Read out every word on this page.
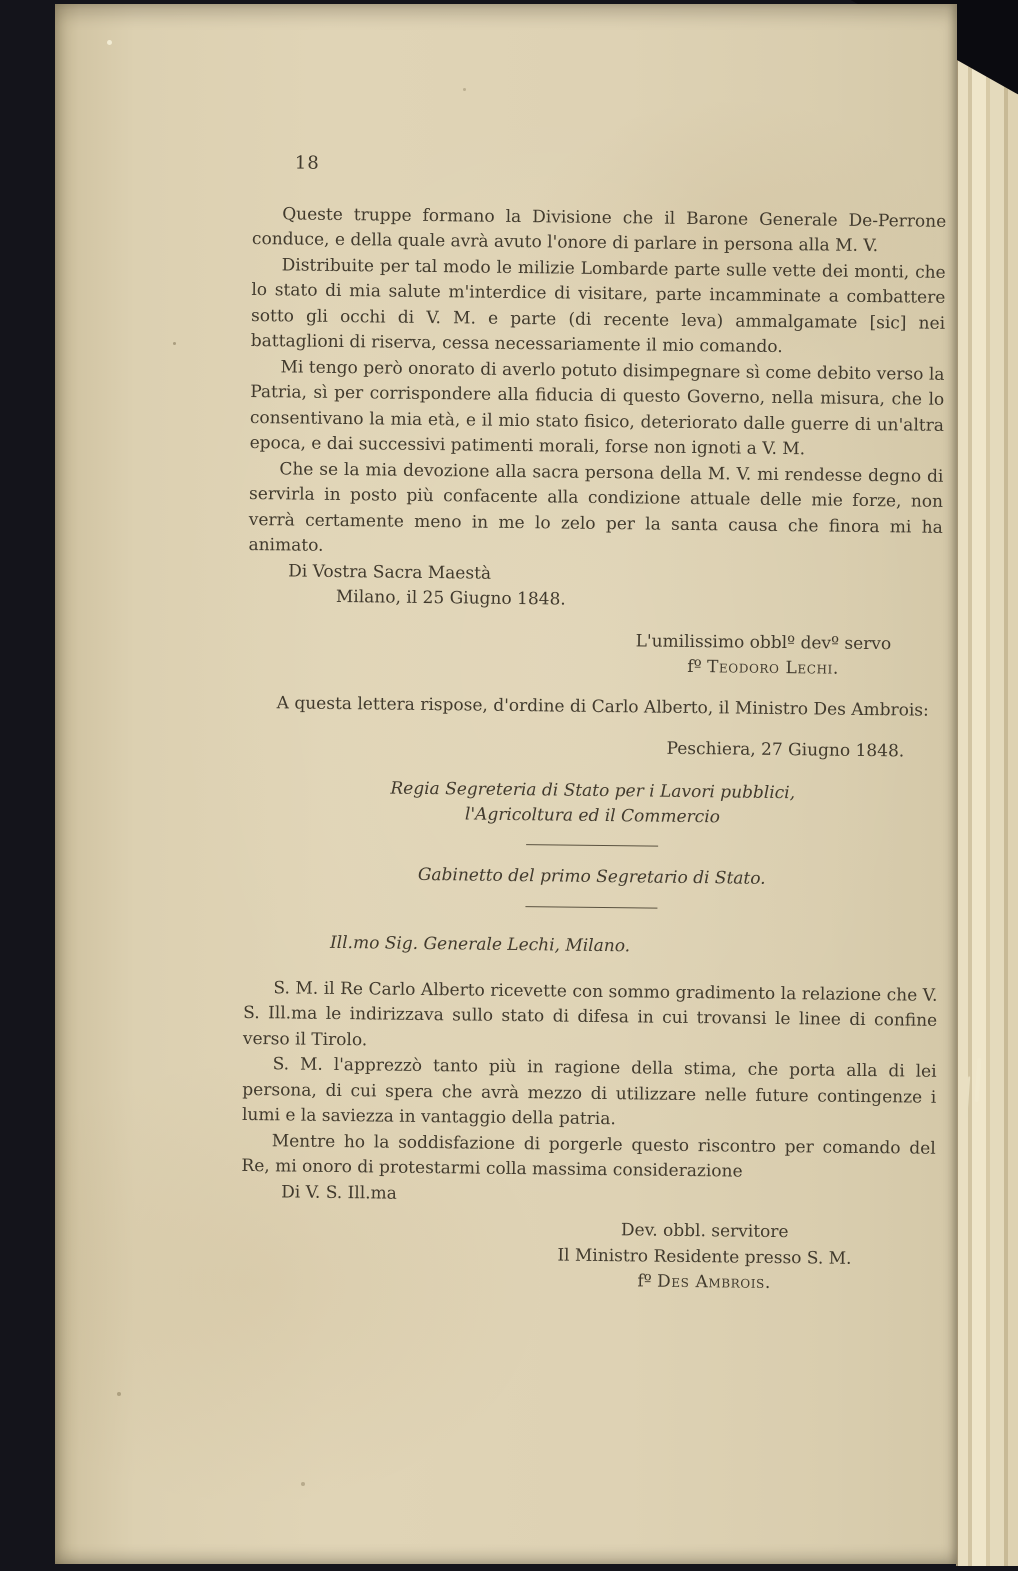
18

Queste truppe formano la Divisione che il Barone Generale De-Perrone conduce, e della quale avrà avuto l'onore di parlare in persona alla M. V.

Distribuite per tal modo le milizie Lombarde parte sulle vette dei monti, che lo stato di mia salute m'interdice di visitare, parte incamminate a combattere sotto gli occhi di V. M. e parte (di recente leva) ammalgamate [sic] nei battaglioni di riserva, cessa necessariamente il mio comando.

Mi tengo però onorato di averlo potuto disimpegnare sì come debito verso la Patria, sì per corrispondere alla fiducia di questo Governo, nella misura, che lo consentivano la mia età, e il mio stato fisico, deteriorato dalle guerre di un'altra epoca, e dai successivi patimenti morali, forse non ignoti a V. M.

Che se la mia devozione alla sacra persona della M. V. mi rendesse degno di servirla in posto più confacente alla condizione attuale delle mie forze, non verrà certamente meno in me lo zelo per la santa causa che finora mi ha animato.

Di Vostra Sacra Maestà

Milano, il 25 Giugno 1848.

L'umilissimo obblº devº servo

fº Teodoro Lechi.

A questa lettera rispose, d'ordine di Carlo Alberto, il Ministro Des Ambrois:

Peschiera, 27 Giugno 1848.

Regia Segreteria di Stato per i Lavori pubblici,

l'Agricoltura ed il Commercio

Gabinetto del primo Segretario di Stato.

Ill.mo Sig. Generale Lechi, Milano.

S. M. il Re Carlo Alberto ricevette con sommo gradimento la relazione che V. S. Ill.ma le indirizzava sullo stato di difesa in cui trovansi le linee di confine verso il Tirolo.

S. M. l'apprezzò tanto più in ragione della stima, che porta alla di lei persona, di cui spera che avrà mezzo di utilizzare nelle future contingenze i lumi e la saviezza in vantaggio della patria.

Mentre ho la soddisfazione di porgerle questo riscontro per comando del Re, mi onoro di protestarmi colla massima considerazione

Di V. S. Ill.ma

Dev. obbl. servitore

Il Ministro Residente presso S. M.

fº Des Ambrois.
